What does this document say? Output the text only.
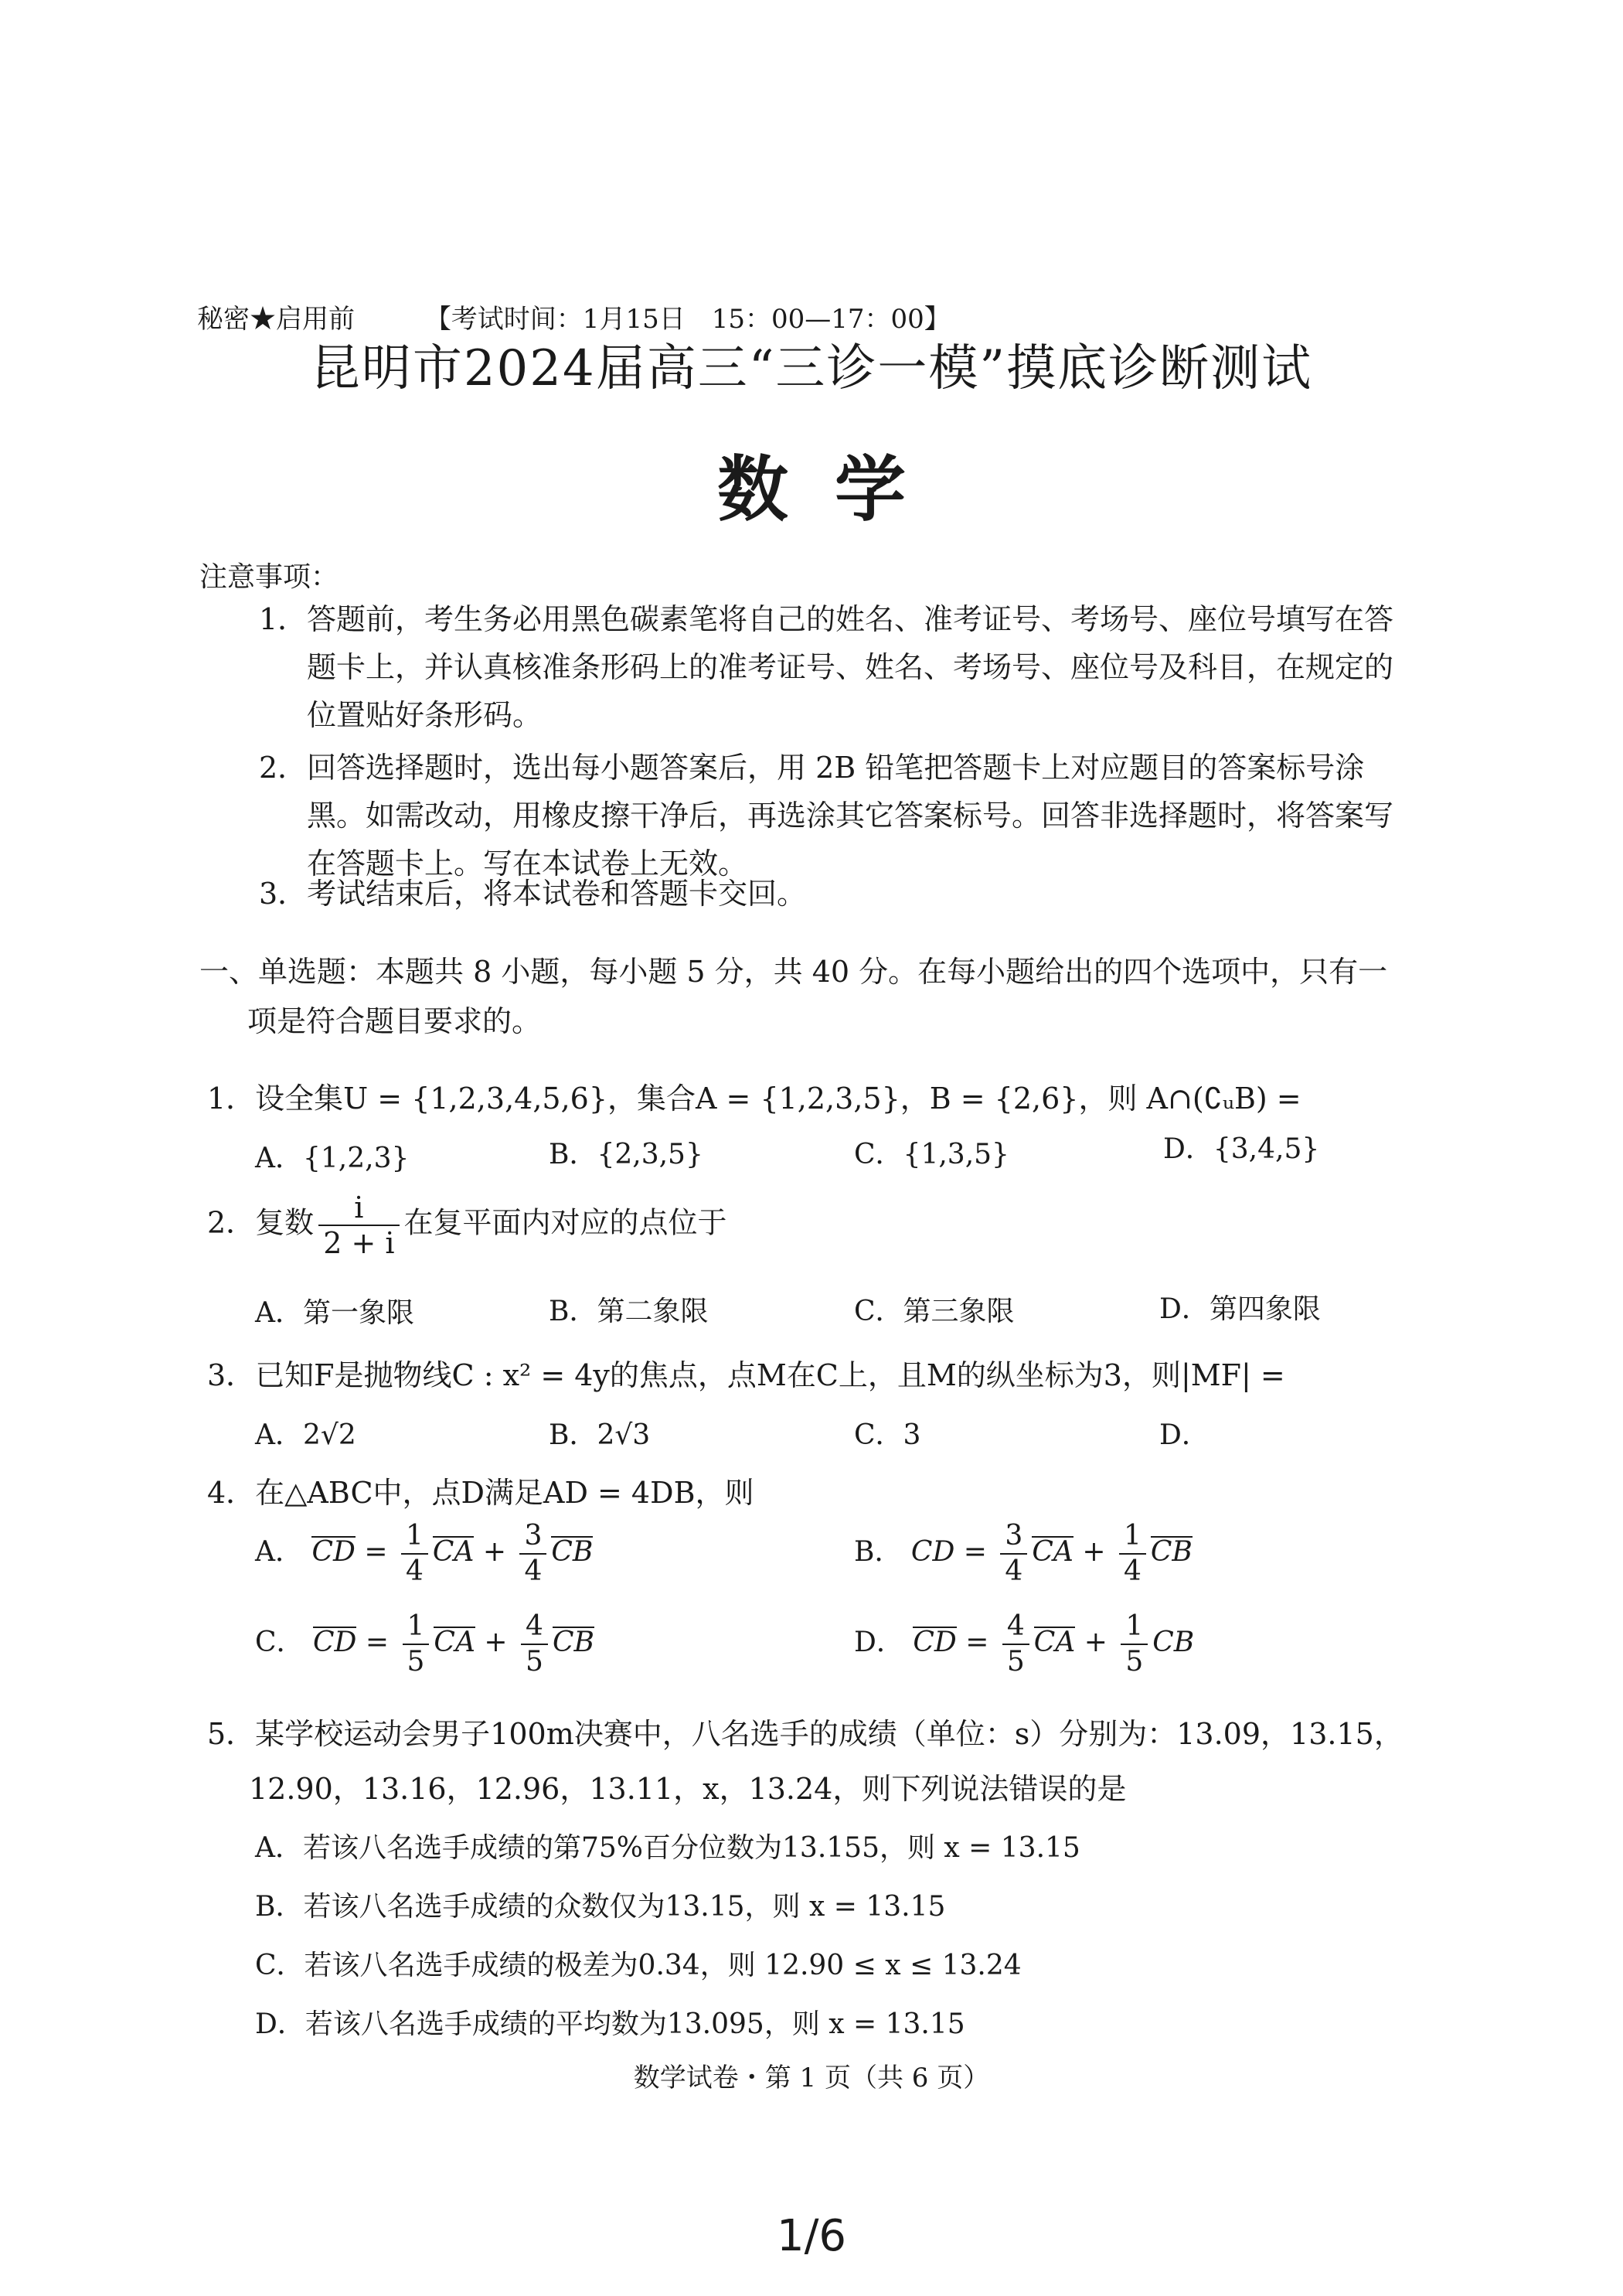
秘密★启用前	【考试时间：1月15日　15：00—17：00】
昆明市2024届高三“三诊一模”摸底诊断测试
数学
注意事项：
1． 答题前，考生务必用黑色碳素笔将自己的姓名、准考证号、考场号、座位号填写在答题卡上，并认真核准条形码上的准考证号、姓名、考场号、座位号及科目，在规定的位置贴好条形码。
2． 回答选择题时，选出每小题答案后，用 2B 铅笔把答题卡上对应题目的答案标号涂黑。如需改动，用橡皮擦干净后，再选涂其它答案标号。回答非选择题时，将答案写在答题卡上。写在本试卷上无效。
3． 考试结束后，将本试卷和答题卡交回。
一、单选题：本题共 8 小题，每小题 5 分，共 40 分。在每小题给出的四个选项中，只有一
项是符合题目要求的。
1．设全集U = {1,2,3,4,5,6}，集合A = {1,2,3,5}，B = {2,6}，则 A∩(∁ᵤB) =
A．{1,2,3}	B．{2,3,5}	C．{1,3,5}	D．{3,4,5}
2．复数 $\frac{i}{2 + i}$ 在复平面内对应的点位于
A．第一象限	B．第二象限	C．第三象限	D．第四象限
3．已知F是抛物线C : x² = 4y的焦点，点M在C上，且M的纵坐标为3，则|MF| =
A．2√2	B．2√3	C．3	D．
4．在△ABC中，点D满足AD = 4DB，则
A． CD = $\frac{1}{4}$ CA + $\frac{3}{4}$ CB	B． CD = $\frac{3}{4}$ CA + $\frac{1}{4}$ CB
C． CD = $\frac{1}{5}$ CA + $\frac{4}{5}$ CB	D． CD = $\frac{4}{5}$ CA + $\frac{1}{5}$ CB
5．某学校运动会男子100m决赛中，八名选手的成绩（单位：s）分别为：13.09，13.15，
12.90，13.16，12.96，13.11，x，13.24，则下列说法错误的是
A．若该八名选手成绩的第75%百分位数为13.155，则 x = 13.15
B．若该八名选手成绩的众数仅为13.15，则 x = 13.15
C．若该八名选手成绩的极差为0.34，则 12.90 ≤ x ≤ 13.24
D．若该八名选手成绩的平均数为13.095，则 x = 13.15
数学试卷・第 1 页（共 6 页）
1/6
